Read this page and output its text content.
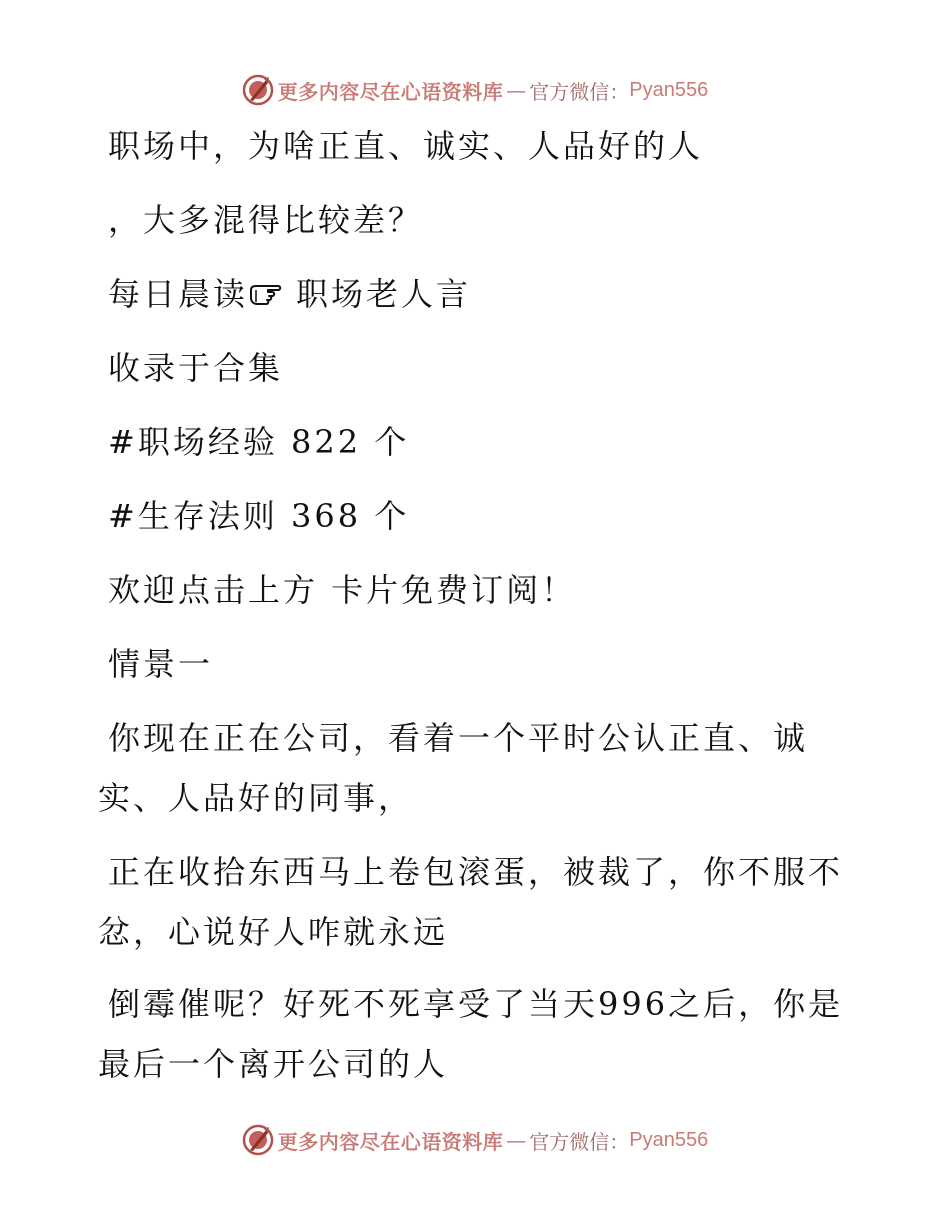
更多内容尽在心语资料库 — 官方微信： Pyan556
职场中，为啥正直、诚实、人品好的人
，大多混得比较差？
每日晨读 职场老人言
收录于合集
#职场经验 822 个
#生存法则 368 个
欢迎点击上方 卡片免费订阅！
情景一
你现在正在公司，看着一个平时公认正直、诚
实、人品好的同事，
正在收拾东西马上卷包滚蛋，被裁了，你不服不
忿，心说好人咋就永远
倒霉催呢？好死不死享受了当天996之后，你是
最后一个离开公司的人
更多内容尽在心语资料库 — 官方微信： Pyan556
